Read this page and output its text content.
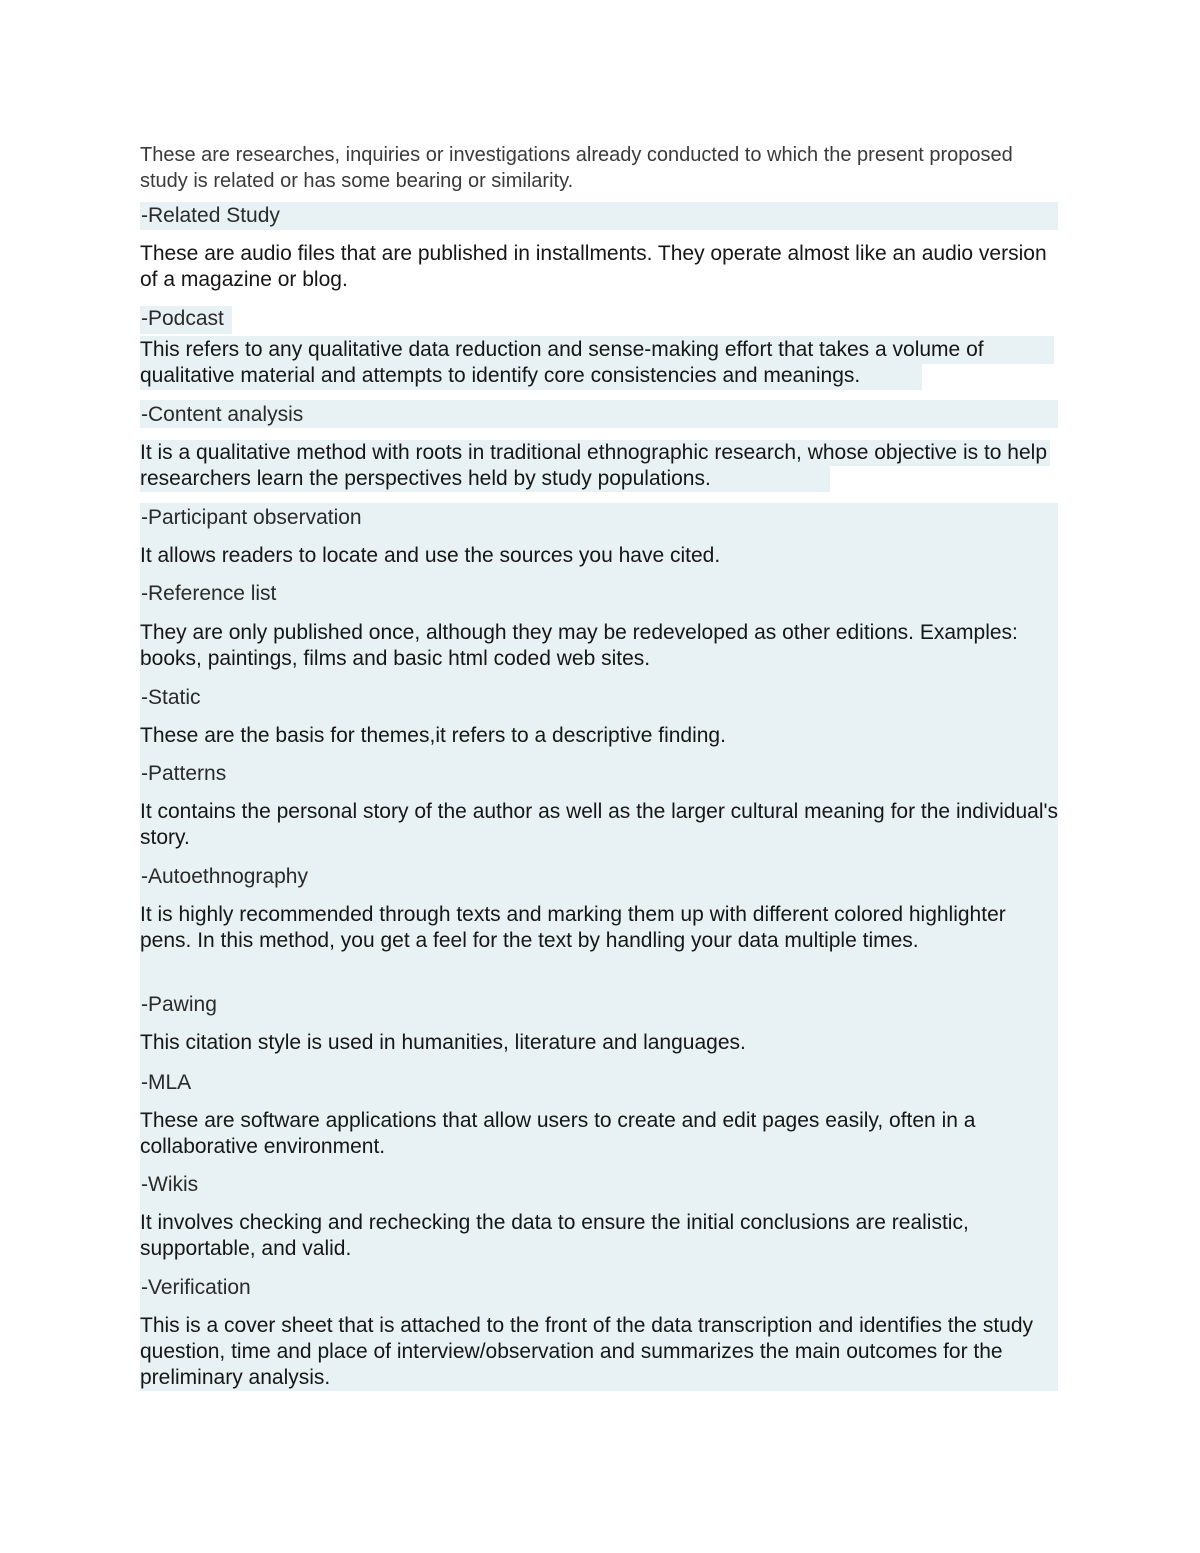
These are researches, inquiries or investigations already conducted to which the present proposed study is related or has some bearing or similarity.
-Related Study
These are audio files that are published in installments. They operate almost like an audio version of a magazine or blog.
-Podcast
This refers to any qualitative data reduction and sense-making effort that takes a volume of qualitative material and attempts to identify core consistencies and meanings.
-Content analysis
It is a qualitative method with roots in traditional ethnographic research, whose objective is to help researchers learn the perspectives held by study populations.
-Participant observation
It allows readers to locate and use the sources you have cited.
-Reference list
They are only published once, although they may be redeveloped as other editions. Examples: books, paintings, films and basic html coded web sites.
-Static
These are the basis for themes,it refers to a descriptive finding.
-Patterns
It contains the personal story of the author as well as the larger cultural meaning for the individual's story.
-Autoethnography
It is highly recommended through texts and marking them up with different colored highlighter pens. In this method, you get a feel for the text by handling your data multiple times.
-Pawing
This citation style is used in humanities, literature and languages.
-MLA
These are software applications that allow users to create and edit pages easily, often in a collaborative environment.
-Wikis
It involves checking and rechecking the data to ensure the initial conclusions are realistic, supportable, and valid.
-Verification
This is a cover sheet that is attached to the front of the data transcription and identifies the study question, time and place of interview/observation and summarizes the main outcomes for the preliminary analysis.
